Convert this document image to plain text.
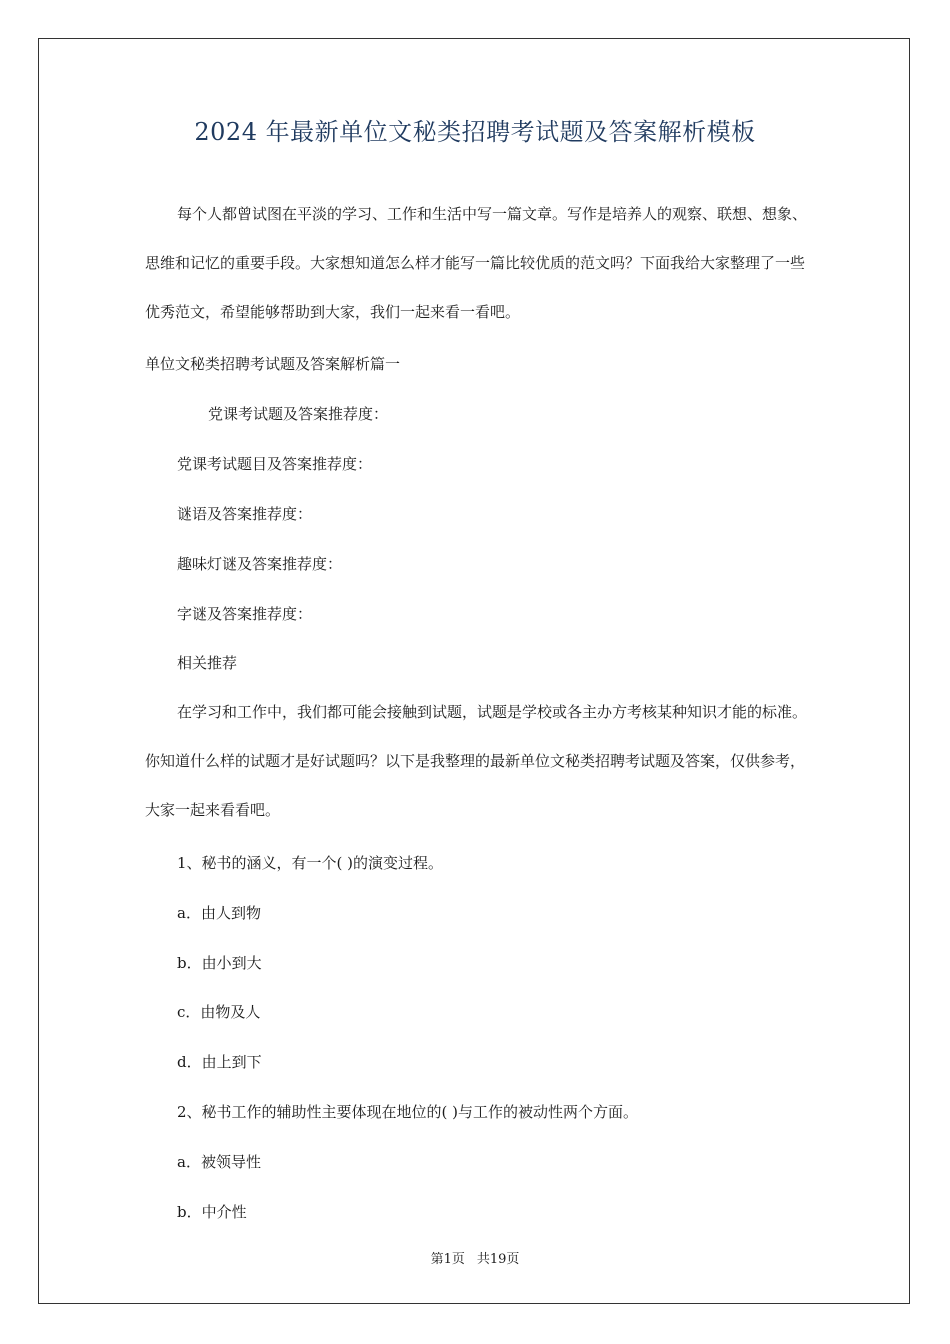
2024 年最新单位文秘类招聘考试题及答案解析模板
每个人都曾试图在平淡的学习、工作和生活中写一篇文章。写作是培养人的观察、联想、想象、思维和记忆的重要手段。大家想知道怎么样才能写一篇比较优质的范文吗？下面我给大家整理了一些优秀范文，希望能够帮助到大家，我们一起来看一看吧。
单位文秘类招聘考试题及答案解析篇一
党课考试题及答案推荐度：
党课考试题目及答案推荐度：
谜语及答案推荐度：
趣味灯谜及答案推荐度：
字谜及答案推荐度：
相关推荐
在学习和工作中，我们都可能会接触到试题，试题是学校或各主办方考核某种知识才能的标准。你知道什么样的试题才是好试题吗？以下是我整理的最新单位文秘类招聘考试题及答案，仅供参考，大家一起来看看吧。
1、秘书的涵义，有一个( )的演变过程。
a．由人到物
b．由小到大
c．由物及人
d．由上到下
2、秘书工作的辅助性主要体现在地位的( )与工作的被动性两个方面。
a．被领导性
b．中介性
第1页 共19页
